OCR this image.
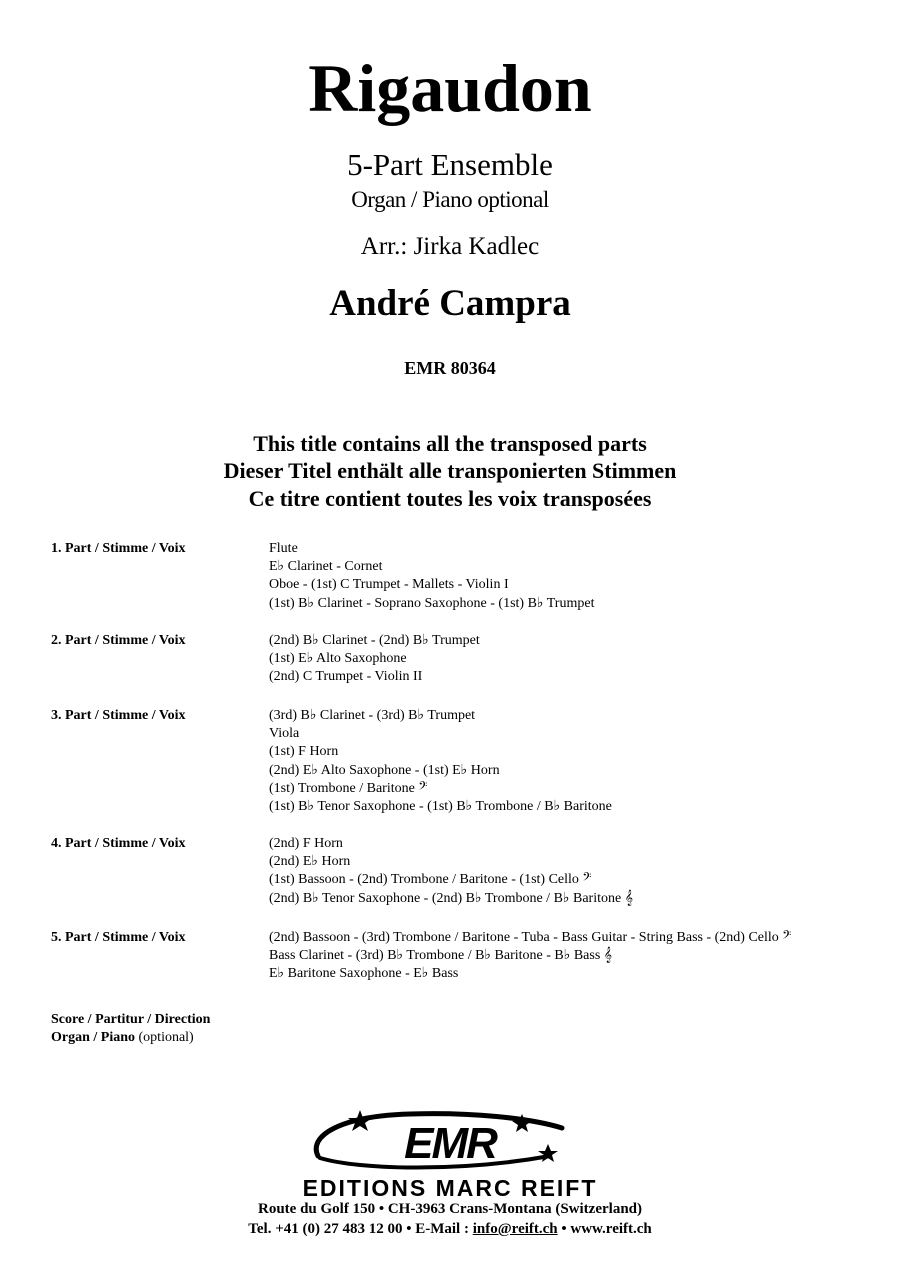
Rigaudon
5-Part Ensemble
Organ / Piano optional
Arr.: Jirka Kadlec
André Campra
EMR 80364
This title contains all the transposed parts
Dieser Titel enthält alle transponierten Stimmen
Ce titre contient toutes les voix transposées
1. Part / Stimme / Voix	Flute
E♭ Clarinet - Cornet
Oboe - (1st) C Trumpet - Mallets - Violin I
(1st) B♭ Clarinet - Soprano Saxophone - (1st) B♭ Trumpet
2. Part / Stimme / Voix	(2nd) B♭ Clarinet - (2nd) B♭ Trumpet
(1st) E♭ Alto Saxophone
(2nd) C Trumpet - Violin II
3. Part / Stimme / Voix	(3rd) B♭ Clarinet - (3rd) B♭ Trumpet
Viola
(1st) F Horn
(2nd) E♭ Alto Saxophone - (1st) E♭ Horn
(1st) Trombone / Baritone 𝄢
(1st) B♭ Tenor Saxophone - (1st) B♭ Trombone / B♭ Baritone
4. Part / Stimme / Voix	(2nd) F Horn
(2nd) E♭ Horn
(1st) Bassoon - (2nd) Trombone / Baritone - (1st) Cello 𝄢
(2nd) B♭ Tenor Saxophone - (2nd) B♭ Trombone / B♭ Baritone 𝄞
5. Part / Stimme / Voix	(2nd) Bassoon - (3rd) Trombone / Baritone - Tuba - Bass Guitar - String Bass - (2nd) Cello 𝄢
Bass Clarinet - (3rd) B♭ Trombone / B♭ Baritone - B♭ Bass 𝄞
E♭ Baritone Saxophone - E♭ Bass
Score / Partitur / Direction
Organ / Piano (optional)
EMR
EDITIONS MARC REIFT
Route du Golf 150 • CH-3963 Crans-Montana (Switzerland)
Tel. +41 (0) 27 483 12 00 • E-Mail : info@reift.ch • www.reift.ch
